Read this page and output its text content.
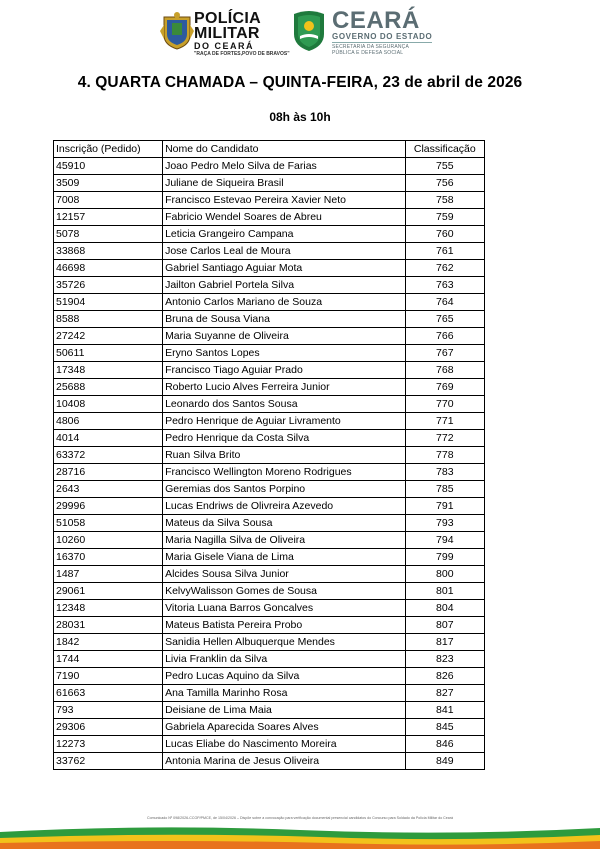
POLÍCIA
MILITAR
DO CEARÁ
"RAÇA DE FORTES,POVO DE BRAVOS"
CEARÁ
GOVERNO DO ESTADO
SECRETARIA DA SEGURANÇA
PÚBLICA E DEFESA SOCIAL
4. QUARTA CHAMADA – QUINTA-FEIRA, 23 de abril de 2026
08h às 10h
Inscrição (Pedido)	Nome do Candidato	Classificação
45910	Joao Pedro Melo Silva de Farias	755
3509	Juliane de Siqueira Brasil	756
7008	Francisco Estevao Pereira Xavier Neto	758
12157	Fabricio Wendel Soares de Abreu	759
5078	Leticia Grangeiro Campana	760
33868	Jose Carlos Leal de Moura	761
46698	Gabriel Santiago Aguiar Mota	762
35726	Jailton Gabriel Portela Silva	763
51904	Antonio Carlos Mariano de Souza	764
8588	Bruna de Sousa Viana	765
27242	Maria Suyanne de Oliveira	766
50611	Eryno Santos Lopes	767
17348	Francisco Tiago Aguiar Prado	768
25688	Roberto Lucio Alves Ferreira Junior	769
10408	Leonardo dos Santos Sousa	770
4806	Pedro Henrique de Aguiar Livramento	771
4014	Pedro Henrique da Costa Silva	772
63372	Ruan Silva Brito	778
28716	Francisco Wellington Moreno Rodrigues	783
2643	Geremias dos Santos Porpino	785
29996	Lucas Endriws de Olivreira Azevedo	791
51058	Mateus da Silva Sousa	793
10260	Maria Nagilla Silva de Oliveira	794
16370	Maria Gisele Viana de Lima	799
1487	Alcides Sousa Silva Junior	800
29061	KelvyWalisson Gomes de Sousa	801
12348	Vitoria Luana Barros Goncalves	804
28031	Mateus Batista Pereira Probo	807
1842	Sanidia Hellen Albuquerque Mendes	817
1744	Livia Franklin da Silva	823
7190	Pedro Lucas Aquino da Silva	826
61663	Ana Tamilla Marinho Rosa	827
793	Deisiane de Lima Maia	841
29306	Gabriela Aparecida Soares Alves	845
12273	Lucas Eliabe do Nascimento Moreira	846
33762	Antonia Marina de Jesus Oliveira	849
Comunicado Nº 098/2026-CCOP/PMCE, de 15/04/2026 – Dispõe sobre a convocação para verificação documental presencial candidatos do Concurso para Soldado da Polícia Militar do Ceará
